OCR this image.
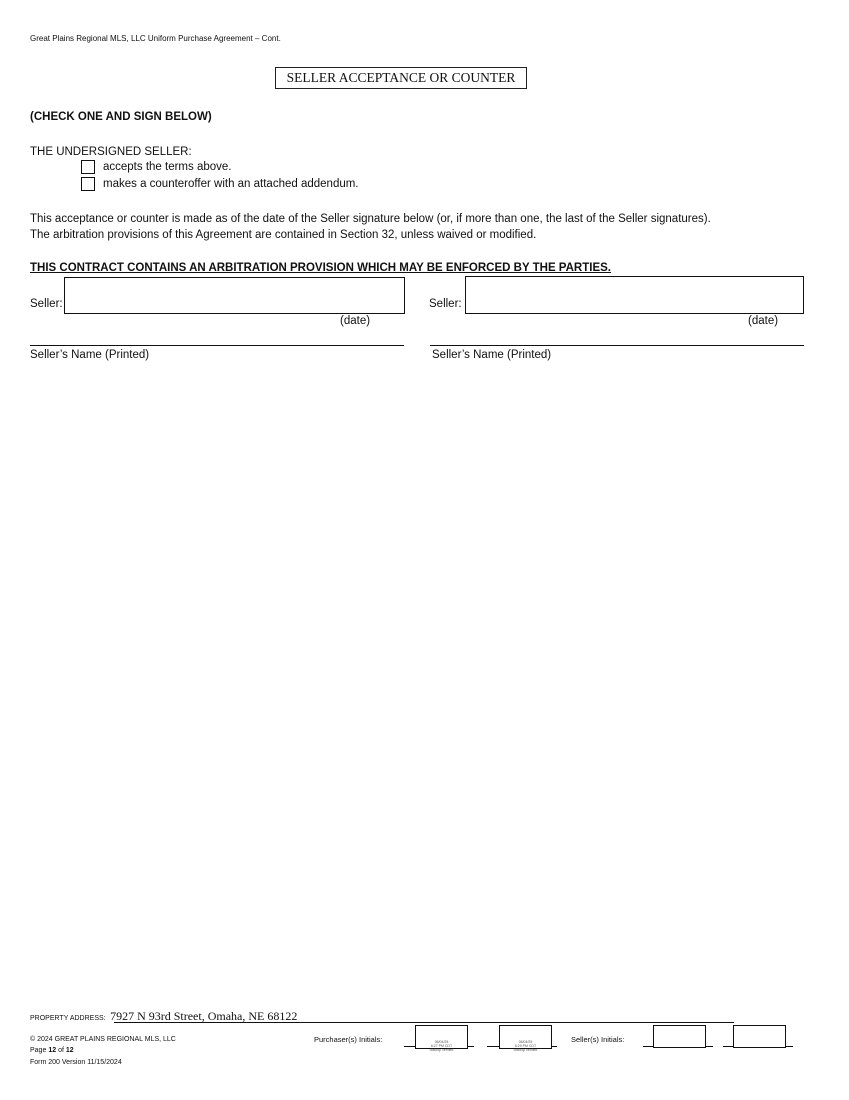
Great Plains Regional MLS, LLC Uniform Purchase Agreement – Cont.
SELLER ACCEPTANCE OR COUNTER
(CHECK ONE AND SIGN BELOW)
THE UNDERSIGNED SELLER:
accepts the terms above.
makes a counteroffer with an attached addendum.
This acceptance or counter is made as of the date of the Seller signature below (or, if more than one, the last of the Seller signatures).
The arbitration provisions of this Agreement are contained in Section 32, unless waived or modified.
THIS CONTRACT CONTAINS AN ARBITRATION PROVISION WHICH MAY BE ENFORCED BY THE PARTIES.
Seller:
(date)
Seller’s Name (Printed)
Seller:
(date)
Seller’s Name (Printed)
PROPERTY ADDRESS: 7927 N 93rd Street, Omaha, NE 68122
© 2024 GREAT PLAINS REGIONAL MLS, LLC
Page 12 of 12
Form 200 Version 11/15/2024
Purchaser(s) Initials:	06/04/25
6:27 PM CDT
dotloop verified
06/04/25
6:29 PM CDT
dotloop verified
Seller(s) Initials:
